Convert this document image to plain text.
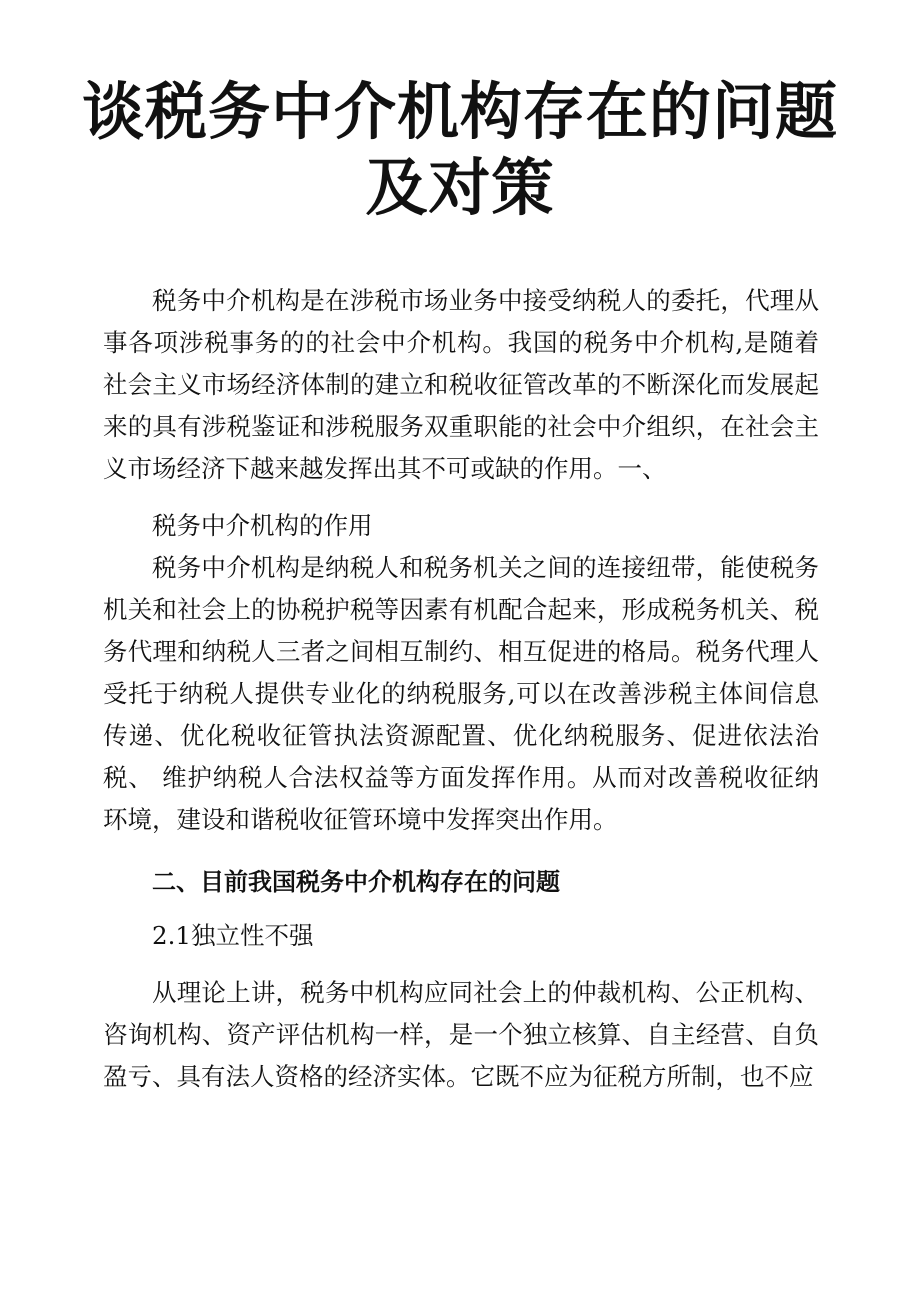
谈税务中介机构存在的问题
及对策

税务中介机构是在涉税市场业务中接受纳税人的委托，代理从事各项涉税事务的的社会中介机构。我国的税务中介机构,是随着社会主义市场经济体制的建立和税收征管改革的不断深化而发展起来的具有涉税鉴证和涉税服务双重职能的社会中介组织，在社会主义市场经济下越来越发挥出其不可或缺的作用。一、

税务中介机构的作用

税务中介机构是纳税人和税务机关之间的连接纽带，能使税务机关和社会上的协税护税等因素有机配合起来，形成税务机关、税务代理和纳税人三者之间相互制约、相互促进的格局。税务代理人受托于纳税人提供专业化的纳税服务,可以在改善涉税主体间信息传递、优化税收征管执法资源配置、优化纳税服务、促进依法治税、 维护纳税人合法权益等方面发挥作用。从而对改善税收征纳环境，建设和谐税收征管环境中发挥突出作用。

二、目前我国税务中介机构存在的问题

2.1独立性不强

从理论上讲，税务中机构应同社会上的仲裁机构、公正机构、咨询机构、资产评估机构一样，是一个独立核算、自主经营、自负盈亏、具有法人资格的经济实体。它既不应为征税方所制，也不应
